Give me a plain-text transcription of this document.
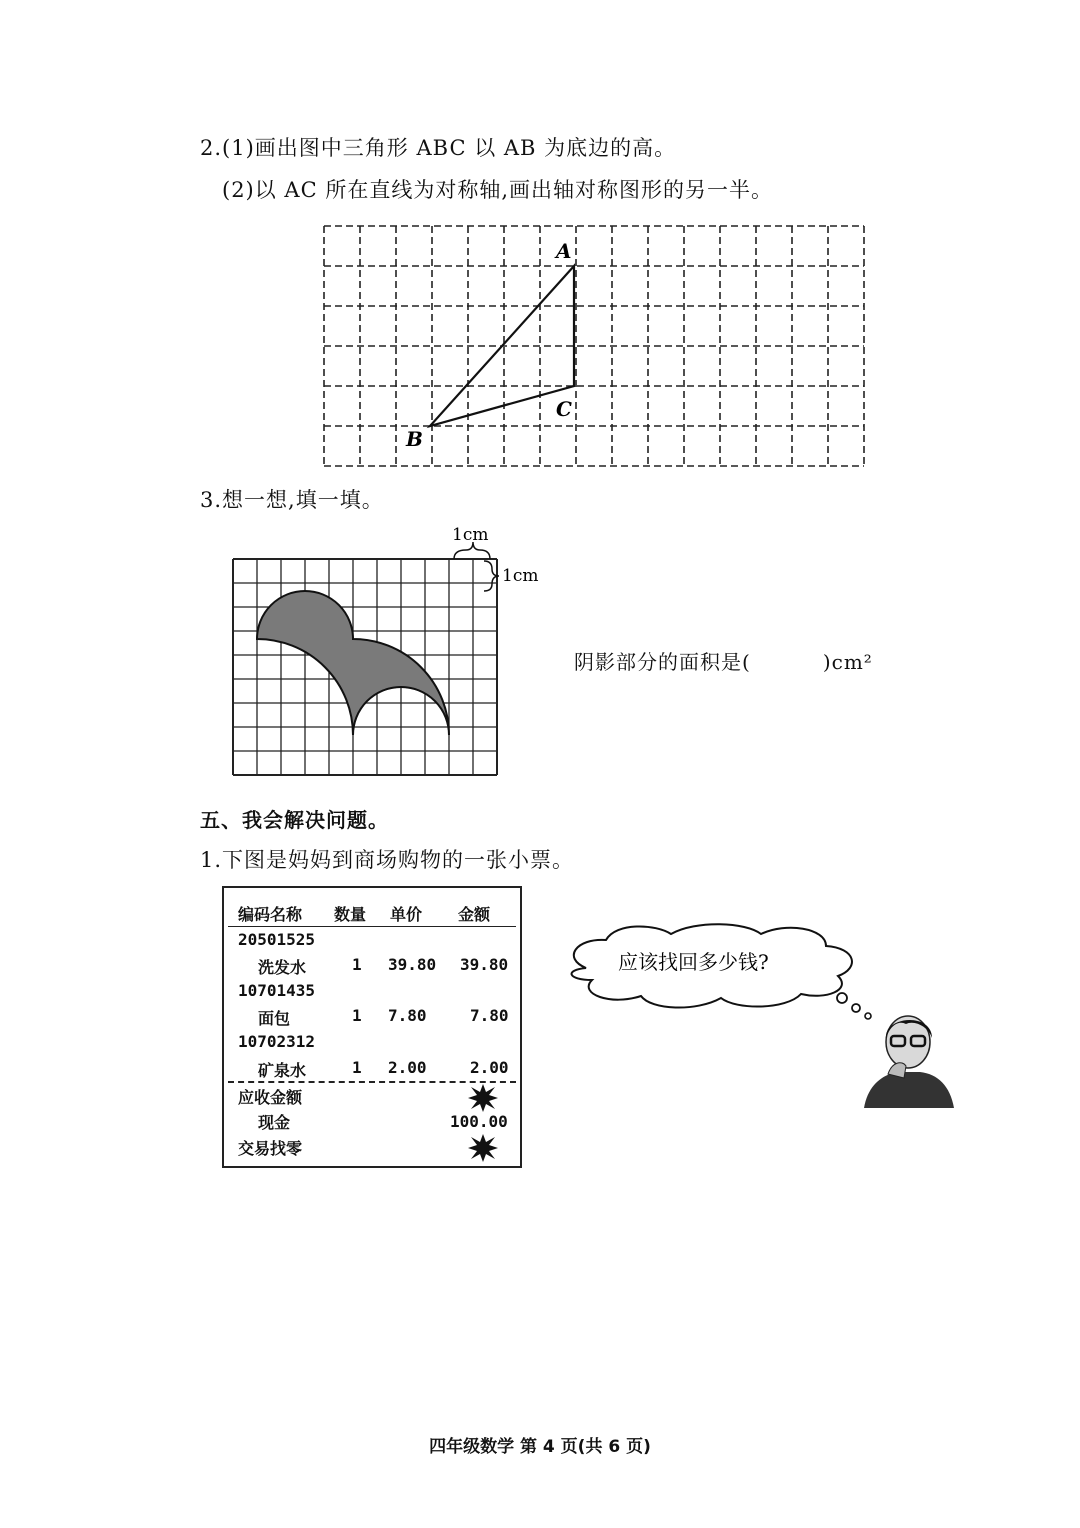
2.(1)画出图中三角形 ABC 以 AB 为底边的高。
(2)以 AC 所在直线为对称轴,画出轴对称图形的另一半。
A
B
C
3.想一想,填一填。
1cm
1cm
阴影部分的面积是(	)cm²
五、我会解决问题。
1.下图是妈妈到商场购物的一张小票。
编码名称 数量 单价 金额
20501525
洗发水	1 39.80 39.80
10701435
面包	1 7.80	7.80
10702312
矿泉水	1 2.00	2.00
应收金额
现金	100.00
交易找零
应该找回多少钱?
四年级数学 第 4 页(共 6 页)
